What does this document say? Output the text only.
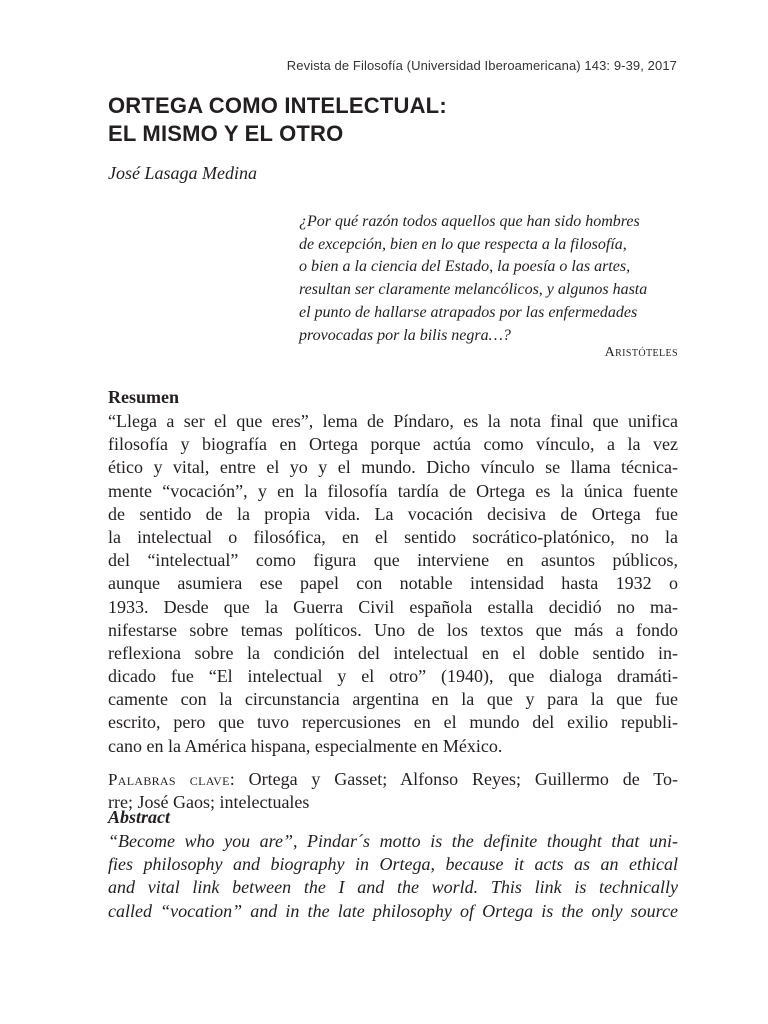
Revista de Filosofía (Universidad Iberoamericana) 143: 9-39, 2017
ORTEGA COMO INTELECTUAL:
EL MISMO Y EL OTRO
José Lasaga Medina
¿Por qué razón todos aquellos que han sido hombres
de excepción, bien en lo que respecta a la filosofía,
o bien a la ciencia del Estado, la poesía o las artes,
resultan ser claramente melancólicos, y algunos hasta
el punto de hallarse atrapados por las enfermedades
provocadas por la bilis negra…?
Aristóteles
Resumen
“Llega a ser el que eres”, lema de Píndaro, es la nota final que unifica
filosofía y biografía en Ortega porque actúa como vínculo, a la vez
ético y vital, entre el yo y el mundo. Dicho vínculo se llama técnica-
mente “vocación”, y en la filosofía tardía de Ortega es la única fuente
de sentido de la propia vida. La vocación decisiva de Ortega fue
la intelectual o filosófica, en el sentido socrático-platónico, no la
del “intelectual” como figura que interviene en asuntos públicos,
aunque asumiera ese papel con notable intensidad hasta 1932 o
1933. Desde que la Guerra Civil española estalla decidió no ma-
nifestarse sobre temas políticos. Uno de los textos que más a fondo
reflexiona sobre la condición del intelectual en el doble sentido in-
dicado fue “El intelectual y el otro” (1940), que dialoga dramáti-
camente con la circunstancia argentina en la que y para la que fue
escrito, pero que tuvo repercusiones en el mundo del exilio republi-
cano en la América hispana, especialmente en México.
Palabras clave: Ortega y Gasset; Alfonso Reyes; Guillermo de To-
rre; José Gaos; intelectuales
Abstract
“Become who you are”, Pindar´s motto is the definite thought that uni-
fies philosophy and biography in Ortega, because it acts as an ethical
and vital link between the I and the world. This link is technically
called “vocation” and in the late philosophy of Ortega is the only source
